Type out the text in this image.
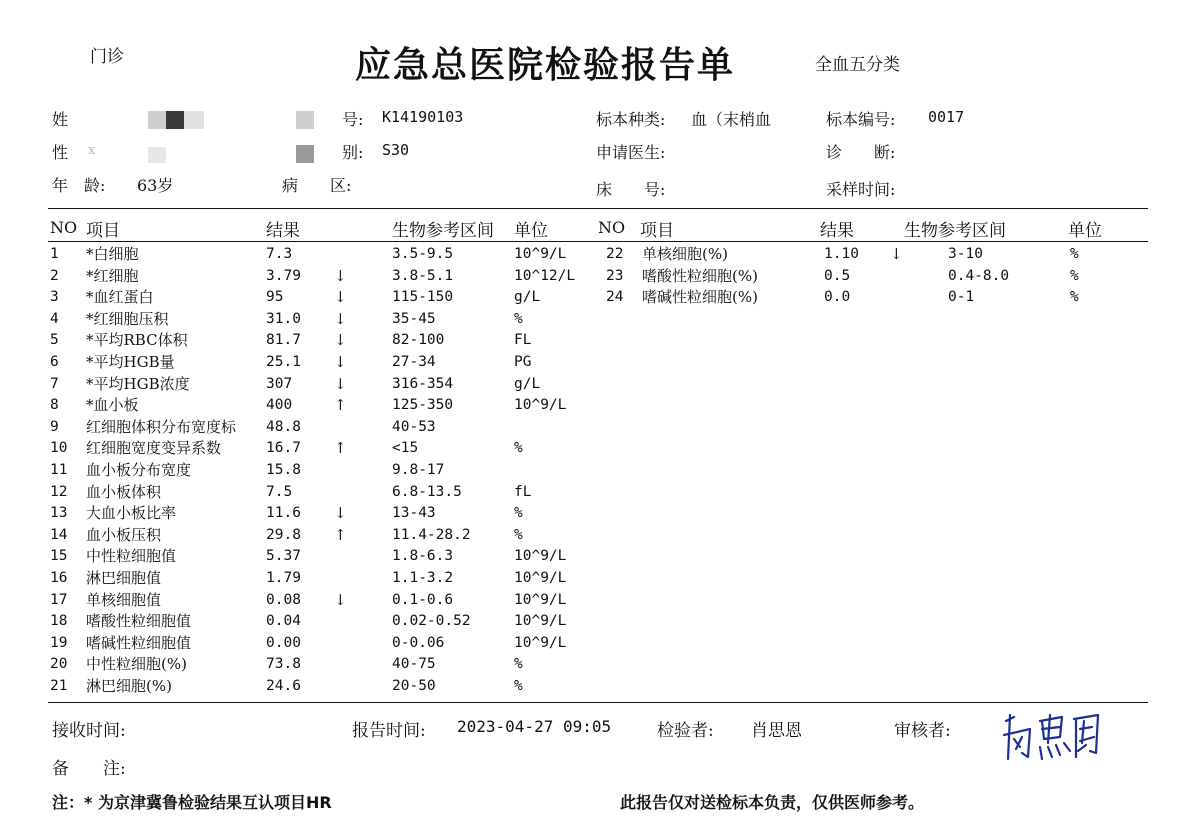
门诊	应急总医院检验报告单	全血五分类
姓	号: K14190103	标本种类: 血（末梢血	标本编号: 0017
性 x	别: S30	申请医生:	诊　　断:
年　龄: 63岁	病　　区:	床　　号:	采样时间:
NO 项目	结果	生物参考区间 单位	NO 项目	结果	生物参考区间	单位
1 *白细胞	7.3	3.5-9.5	10^9/L
2 *红细胞	3.79 ↓	3.8-5.1	10^12/L
3 *血红蛋白	95	↓	115-150	g/L
4 *红细胞压积	31.0 ↓	35-45	%
5 *平均RBC体积	81.7 ↓	82-100	FL
6 *平均HGB量	25.1 ↓	27-34	PG
7 *平均HGB浓度	307	↓	316-354	g/L
8 *血小板	400	↑	125-350	10^9/L
9 红细胞体积分布宽度标 48.8	40-53
10 红细胞宽度变异系数	16.7 ↑	<15	%
11 血小板分布宽度	15.8	9.8-17
12 血小板体积	7.5	6.8-13.5	fL
13 大血小板比率	11.6 ↓	13-43	%
14 血小板压积	29.8 ↑	11.4-28.2	%
15 中性粒细胞值	5.37	1.8-6.3	10^9/L
16 淋巴细胞值	1.79	1.1-3.2	10^9/L
17 单核细胞值	0.08 ↓	0.1-0.6	10^9/L
18 嗜酸性粒细胞值	0.04	0.02-0.52	10^9/L
19 嗜碱性粒细胞值	0.00	0-0.06	10^9/L
20 中性粒细胞(%)	73.8	40-75	%
21 淋巴细胞(%)	24.6	20-50	%
22 单核细胞(%)	1.10 ↓	3-10	%
23 嗜酸性粒细胞(%)	0.5	0.4-8.0	%
24 嗜碱性粒细胞(%)	0.0	0-1	%
接收时间:	报告时间: 2023-04-27 09:05	检验者: 肖思恩	审核者:
备　　注:
注：* 为京津冀鲁检验结果互认项目HR	此报告仅对送检标本负责，仅供医师参考。
